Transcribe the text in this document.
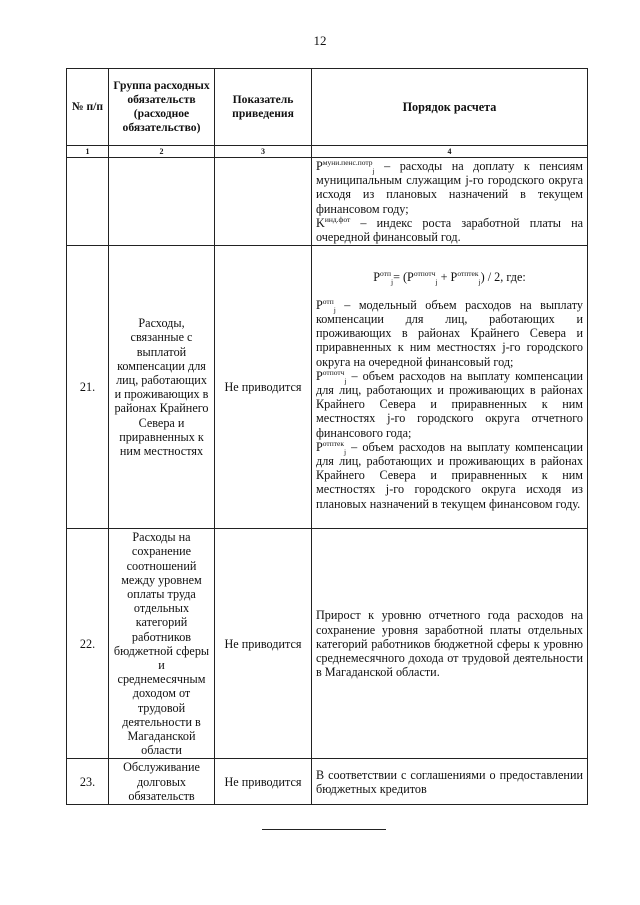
12
№ п/п	Группа расходных обязательств (расходное обязательство)	Показатель приведения	Порядок расчета
1	2	3	4

			$P^{муни.пенс.потр}_j$ – расходы на доплату к пенсиям муниципальным служащим j-го городского округа исходя из плановых назначений в текущем финансовом году;

$K^{инд.фот}$ – индекс роста заработной платы на очередной финансовый год.

21.	Расходы, связанные с выплатой компенсации для лиц, работающих и проживающих в районах Крайнего Севера и приравненных к ним местностях	Не приводится	$P^{отп}_j= (P^{отпотч}_j + P^{отптек}_j) / 2$, где:

$P^{отп}_j$ – модельный объем расходов на выплату компенсации для лиц, работающих и проживающих в районах Крайнего Севера и приравненных к ним местностях j-го городского округа на очередной финансовый год;

$P^{отпотч}_j$ – объем расходов на выплату компенсации для лиц, работающих и проживающих в районах Крайнего Севера и приравненных к ним местностях j-го городского округа отчетного финансового года;

$P^{отптек}_j$ – объем расходов на выплату компенсации для лиц, работающих и проживающих в районах Крайнего Севера и приравненных к ним местностях j-го городского округа исходя из плановых назначений в текущем финансовом году.

22.	Расходы на сохранение соотношений между уровнем оплаты труда отдельных категорий работников бюджетной сферы и среднемесячным доходом от трудовой деятельности в Магаданской области	Не приводится	Прирост к уровню отчетного года расходов на сохранение уровня заработной платы отдельных категорий работников бюджетной сферы к уровню среднемесячного дохода от трудовой деятельности в Магаданской области.
23.	Обслуживание долговых обязательств	Не приводится	В соответствии с соглашениями о предоставлении бюджетных кредитов
